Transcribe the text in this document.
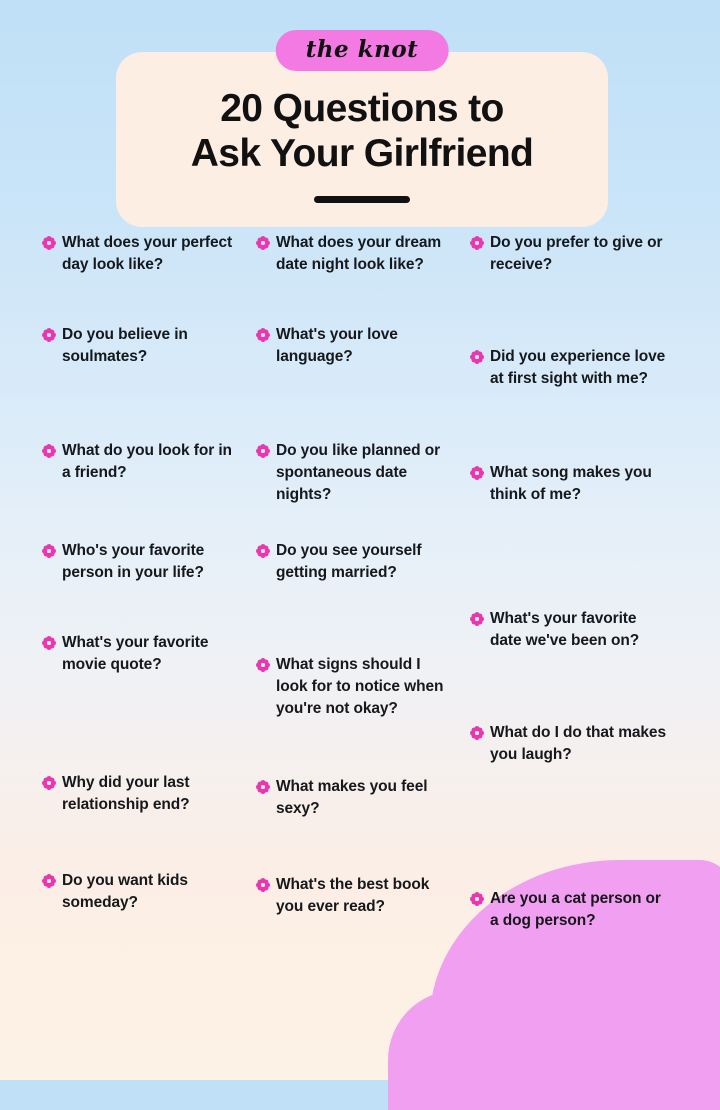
the knot
20 Questions to
Ask Your Girlfriend
What does your perfect day look like?
Do you believe in soulmates?
What do you look for in a friend?
Who's your favorite person in your life?
What's your favorite movie quote?
Why did your last relationship end?
Do you want kids someday?
What does your dream date night look like?
What's your love language?
Do you like planned or spontaneous date nights?
Do you see yourself getting married?
What signs should I look for to notice when you're not okay?
What makes you feel sexy?
What's the best book you ever read?
Do you prefer to give or receive?
Did you experience love at first sight with me?
What song makes you think of me?
What's your favorite date we've been on?
What do I do that makes you laugh?
Are you a cat person or a dog person?
